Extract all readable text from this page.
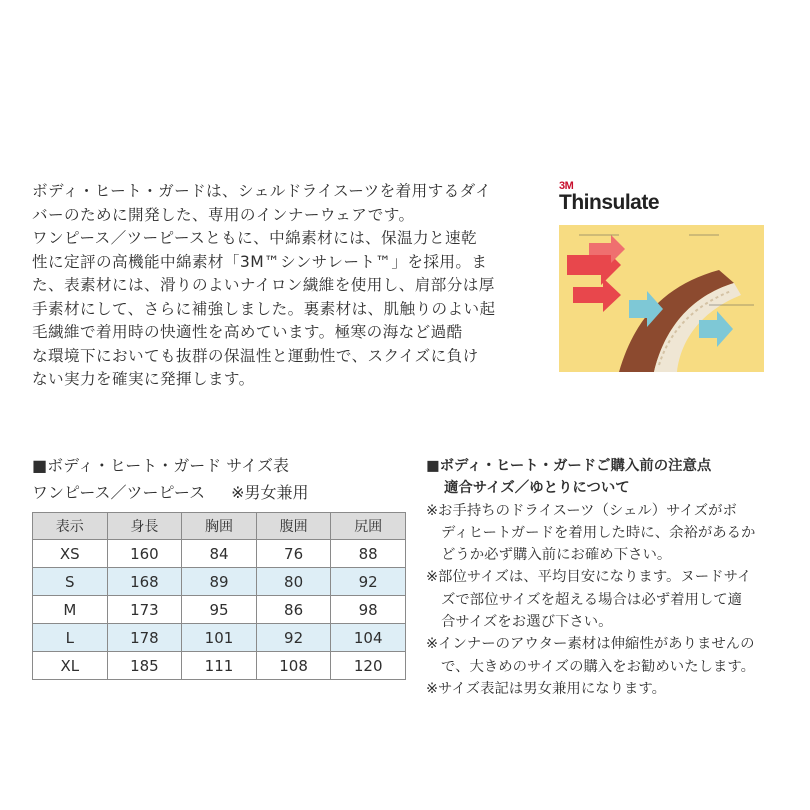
ボディ・ヒート・ガードは、シェルドライスーツを着用するダイ
バーのために開発した、専用のインナーウェアです。
ワンピース／ツーピースともに、中綿素材には、保温力と速乾
性に定評の高機能中綿素材「3M™シンサレート™」を採用。ま
た、表素材には、滑りのよいナイロン繊維を使用し、肩部分は厚
手素材にして、さらに補強しました。裏素材は、肌触りのよい起
毛繊維で着用時の快適性を高めています。極寒の海など過酷
な環境下においても抜群の保温性と運動性で、スクイズに負け
ない実力を確実に発揮します。
3M
Thinsulate
■ボディ・ヒート・ガード サイズ表
ワンピース／ツーピース ※男女兼用
表示	身長	胸囲	腹囲	尻囲
XS	160	84	76	88
S	168	89	80	92
M	173	95	86	98
L	178	101	92	104
XL	185	111	108	120
■ボディ・ヒート・ガードご購入前の注意点
適合サイズ／ゆとりについて
※お手持ちのドライスーツ（シェル）サイズがボ
ディヒートガードを着用した時に、余裕があるか
どうか必ず購入前にお確め下さい。
※部位サイズは、平均目安になります。ヌードサイ
ズで部位サイズを超える場合は必ず着用して適
合サイズをお選び下さい。
※インナーのアウター素材は伸縮性がありませんの
で、大きめのサイズの購入をお勧めいたします。
※サイズ表記は男女兼用になります。
